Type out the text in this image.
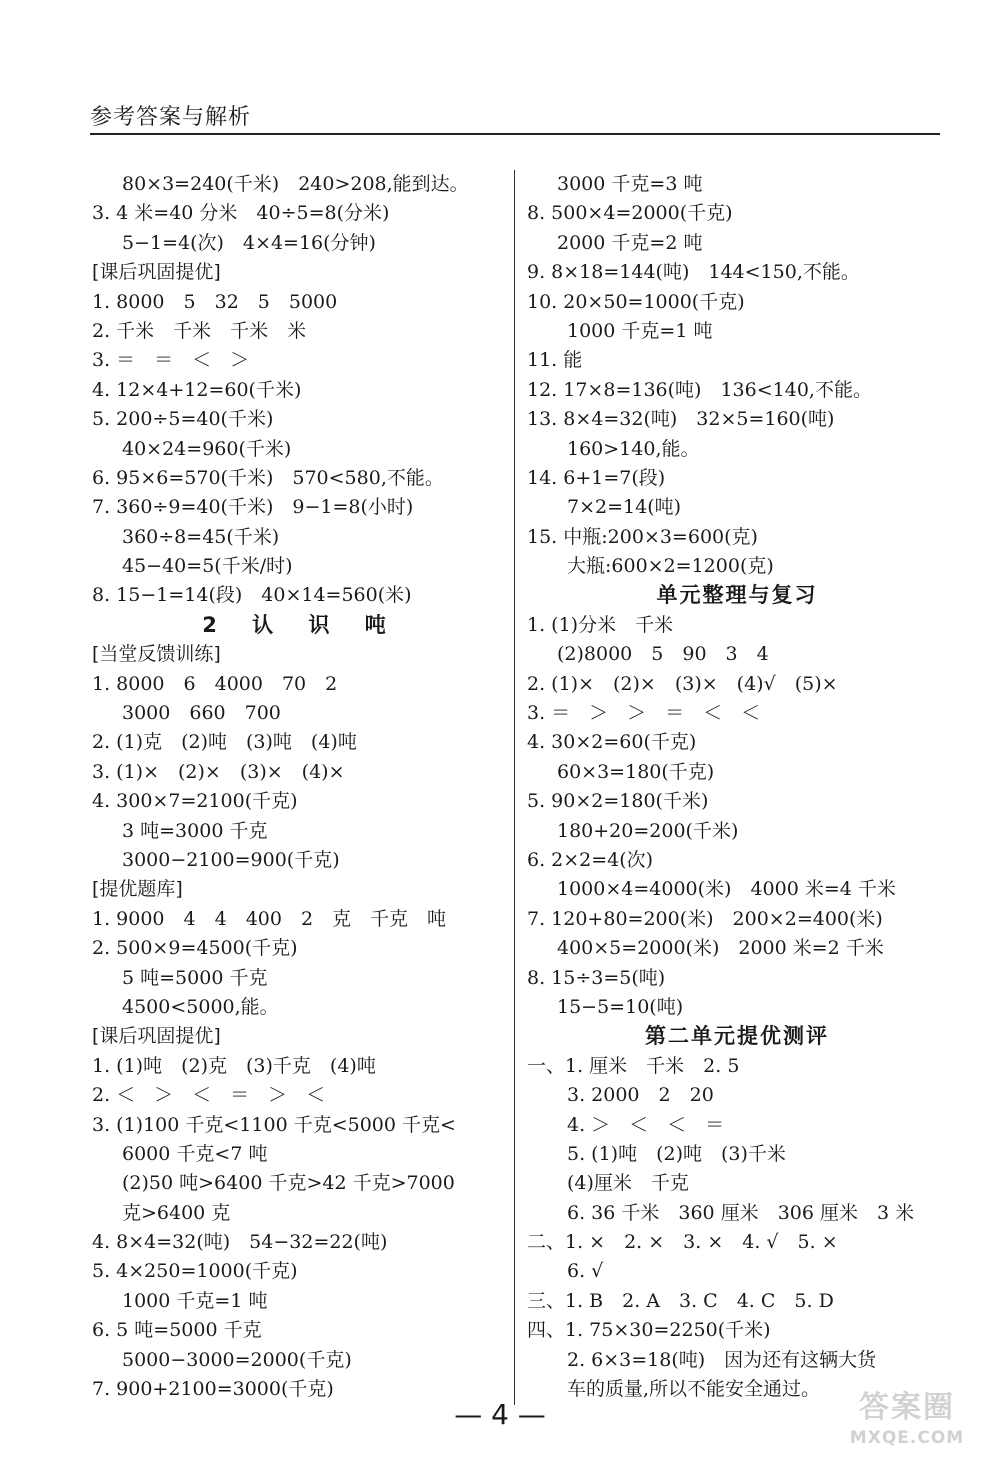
参考答案与解析
80×3=240(千米)　240>208,能到达。
3. 4 米=40 分米　40÷5=8(分米)
5−1=4(次)　4×4=16(分钟)
[课后巩固提优]
1. 8000　5　32　5　5000
2. 千米　千米　千米　米
3. ＝　＝　＜　＞
4. 12×4+12=60(千米)
5. 200÷5=40(千米)
40×24=960(千米)
6. 95×6=570(千米)　570<580,不能。
7. 360÷9=40(千米)　9−1=8(小时)
360÷8=45(千米)
45−40=5(千米/时)
8. 15−1=14(段)　40×14=560(米)
2 认 识 吨
[当堂反馈训练]
1. 8000　6　4000　70　2
3000　660　700
2. (1)克　(2)吨　(3)吨　(4)吨
3. (1)×　(2)×　(3)×　(4)×
4. 300×7=2100(千克)
3 吨=3000 千克
3000−2100=900(千克)
[提优题库]
1. 9000　4　4　400　2　克　千克　吨
2. 500×9=4500(千克)
5 吨=5000 千克
4500<5000,能。
[课后巩固提优]
1. (1)吨　(2)克　(3)千克　(4)吨
2. ＜　＞　＜　＝　＞　＜
3. (1)100 千克<1100 千克<5000 千克<
6000 千克<7 吨
(2)50 吨>6400 千克>42 千克>7000
克>6400 克
4. 8×4=32(吨)　54−32=22(吨)
5. 4×250=1000(千克)
1000 千克=1 吨
6. 5 吨=5000 千克
5000−3000=2000(千克)
7. 900+2100=3000(千克)
3000 千克=3 吨
8. 500×4=2000(千克)
2000 千克=2 吨
9. 8×18=144(吨)　144<150,不能。
10. 20×50=1000(千克)
1000 千克=1 吨
11. 能
12. 17×8=136(吨)　136<140,不能。
13. 8×4=32(吨)　32×5=160(吨)
160>140,能。
14. 6+1=7(段)
7×2=14(吨)
15. 中瓶:200×3=600(克)
大瓶:600×2=1200(克)
单元整理与复习
1. (1)分米　千米
(2)8000　5　90　3　4
2. (1)×　(2)×　(3)×　(4)√　(5)×
3. ＝　＞　＞　＝　＜　＜
4. 30×2=60(千克)
60×3=180(千克)
5. 90×2=180(千米)
180+20=200(千米)
6. 2×2=4(次)
1000×4=4000(米)　4000 米=4 千米
7. 120+80=200(米)　200×2=400(米)
400×5=2000(米)　2000 米=2 千米
8. 15÷3=5(吨)
15−5=10(吨)
第二单元提优测评
一、1. 厘米　千米　2. 5
3. 2000　2　20
4. ＞　＜　＜　＝
5. (1)吨　(2)吨　(3)千米
(4)厘米　千克
6. 36 千米　360 厘米　306 厘米　3 米
二、1. ×　2. ×　3. ×　4. √　5. ×
6. √
三、1. B　2. A　3. C　4. C　5. D
四、1. 75×30=2250(千米)
2. 6×3=18(吨)　因为还有这辆大货
车的质量,所以不能安全通过。
— 4 —	答案圈
MXQE.COM
